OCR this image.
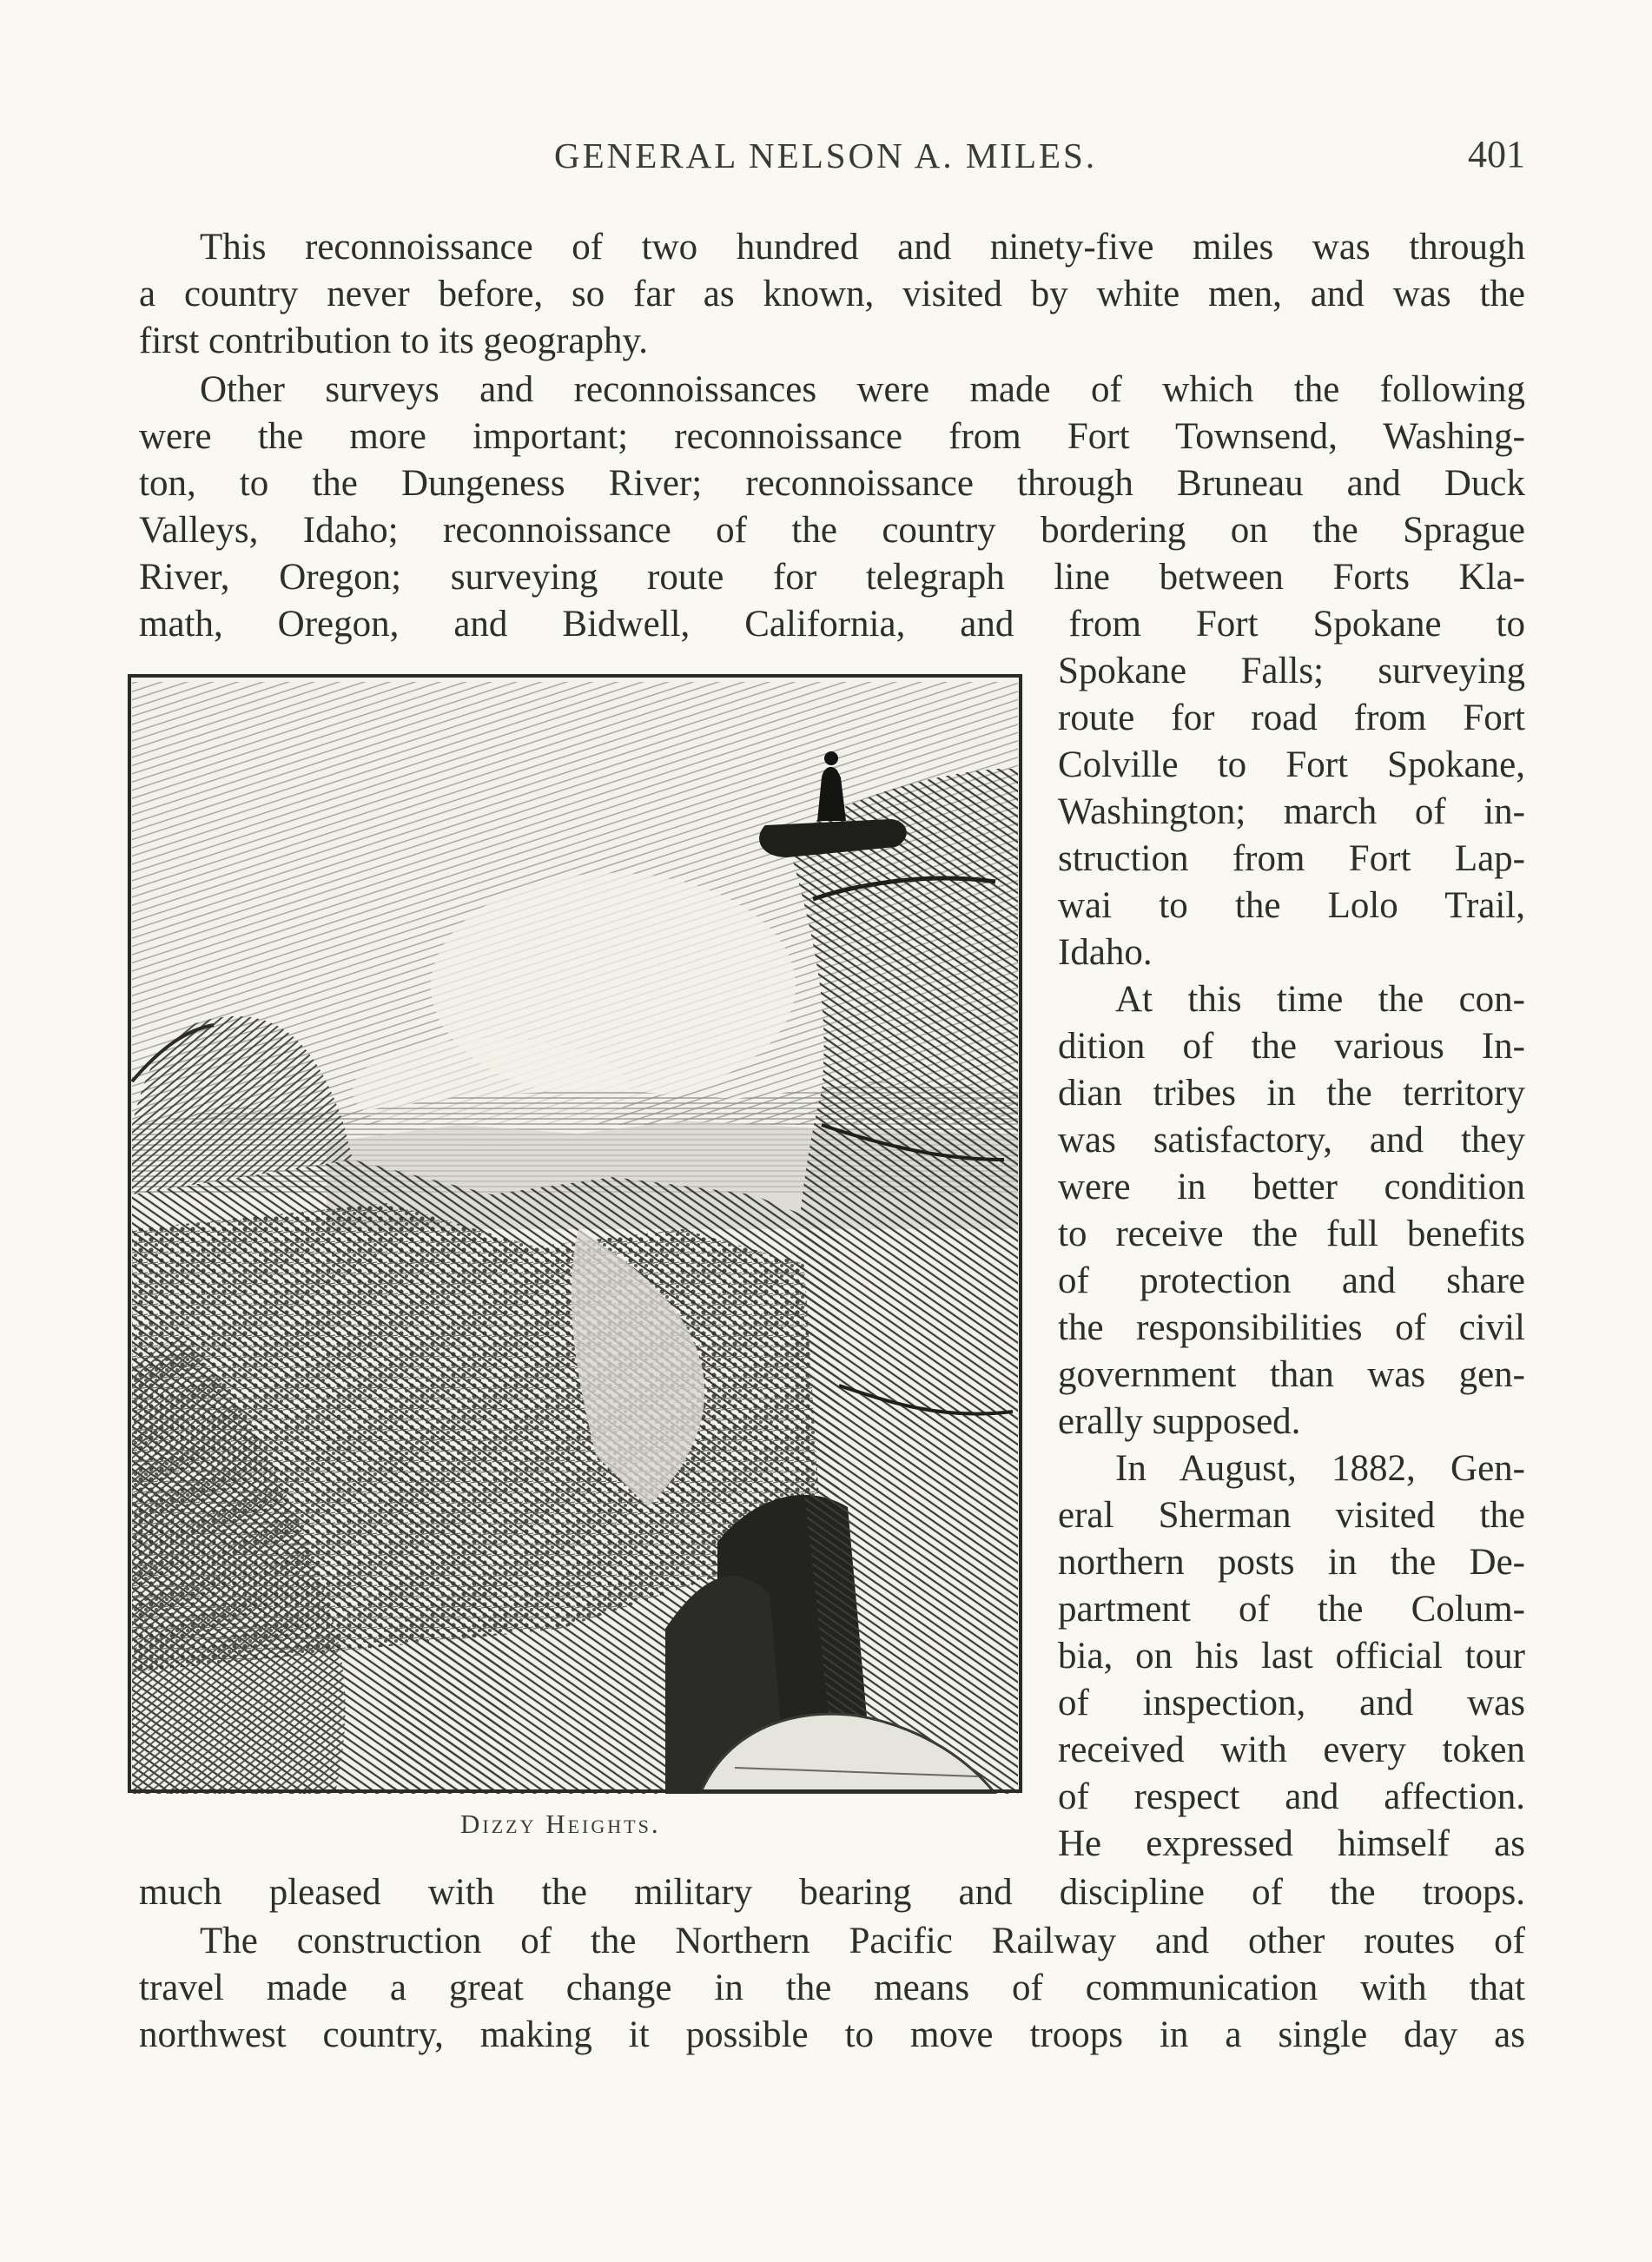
GENERAL NELSON A. MILES.	401
This reconnoissance of two hundred and ninety-five miles was through
a country never before, so far as known, visited by white men, and was the
first contribution to its geography.
Other surveys and reconnoissances were made of which the following
were the more important; reconnoissance from Fort Townsend, Washing-
ton, to the Dungeness River; reconnoissance through Bruneau and Duck
Valleys, Idaho; reconnoissance of the country bordering on the Sprague
River, Oregon; surveying route for telegraph line between Forts Kla-
math, Oregon, and Bidwell, California, and from Fort Spokane to
Spokane Falls; surveying
route for road from Fort
Colville to Fort Spokane,
Washington; march of in-
struction from Fort Lap-
wai to the Lolo Trail,
Idaho.
At this time the con-
dition of the various In-
dian tribes in the territory
was satisfactory, and they
were in better condition
to receive the full benefits
of protection and share
the responsibilities of civil
government than was gen-
erally supposed.
In August, 1882, Gen-
eral Sherman visited the
northern posts in the De-
partment of the Colum-
bia, on his last official tour
of inspection, and was
received with every token
of respect and affection.
He expressed himself as
Dizzy Heights.
much pleased with the military bearing and discipline of the troops.
The construction of the Northern Pacific Railway and other routes of
travel made a great change in the means of communication with that
northwest country, making it possible to move troops in a single day as
